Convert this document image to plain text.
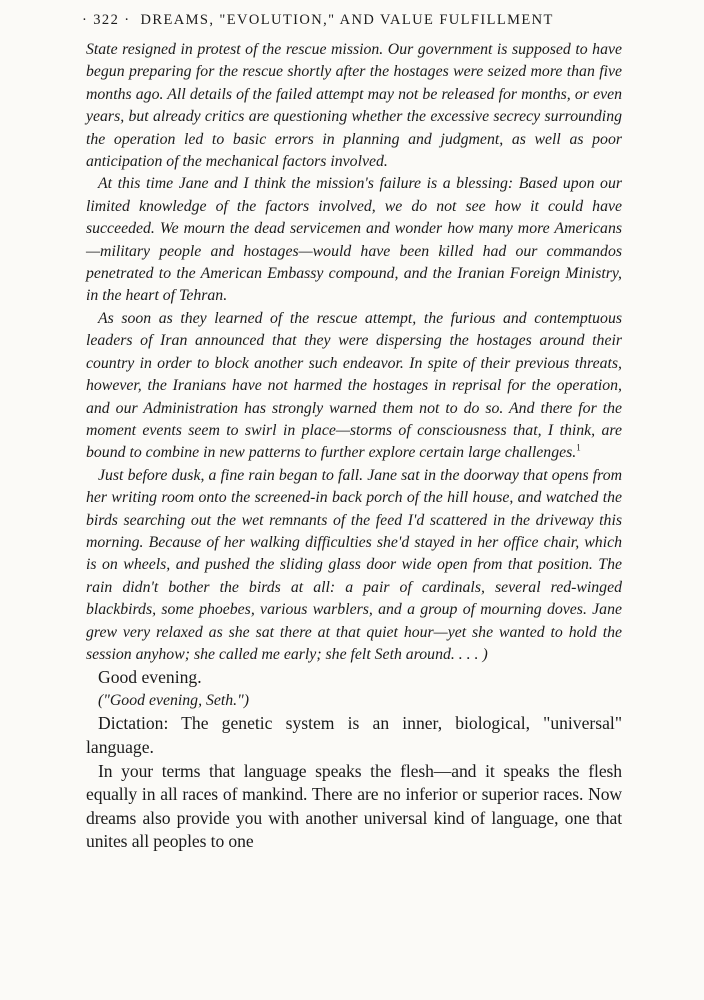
· 322 ·  DREAMS, "EVOLUTION," AND VALUE FULFILLMENT

State resigned in protest of the rescue mission. Our government is supposed to have begun preparing for the rescue shortly after the hostages were seized more than five months ago. All details of the failed attempt may not be released for months, or even years, but already critics are questioning whether the excessive secrecy surrounding the operation led to basic errors in planning and judgment, as well as poor anticipation of the mechanical factors involved.

At this time Jane and I think the mission's failure is a blessing: Based upon our limited knowledge of the factors involved, we do not see how it could have succeeded. We mourn the dead servicemen and wonder how many more Americans—military people and hostages—would have been killed had our commandos penetrated to the American Embassy compound, and the Iranian Foreign Ministry, in the heart of Tehran.

As soon as they learned of the rescue attempt, the furious and contemptuous leaders of Iran announced that they were dispersing the hostages around their country in order to block another such endeavor. In spite of their previous threats, however, the Iranians have not harmed the hostages in reprisal for the operation, and our Administration has strongly warned them not to do so. And there for the moment events seem to swirl in place—storms of consciousness that, I think, are bound to combine in new patterns to further explore certain large challenges.$^1$

Just before dusk, a fine rain began to fall. Jane sat in the doorway that opens from her writing room onto the screened-in back porch of the hill house, and watched the birds searching out the wet remnants of the feed I'd scattered in the driveway this morning. Because of her walking difficulties she'd stayed in her office chair, which is on wheels, and pushed the sliding glass door wide open from that position. The rain didn't bother the birds at all: a pair of cardinals, several red-winged blackbirds, some phoebes, various warblers, and a group of mourning doves. Jane grew very relaxed as she sat there at that quiet hour—yet she wanted to hold the session anyhow; she called me early; she felt Seth around. . . . )

Good evening.

("Good evening, Seth.")

Dictation: The genetic system is an inner, biological, "universal" language.

In your terms that language speaks the flesh—and it speaks the flesh equally in all races of mankind. There are no inferior or superior races. Now dreams also provide you with another universal kind of language, one that unites all peoples to one
